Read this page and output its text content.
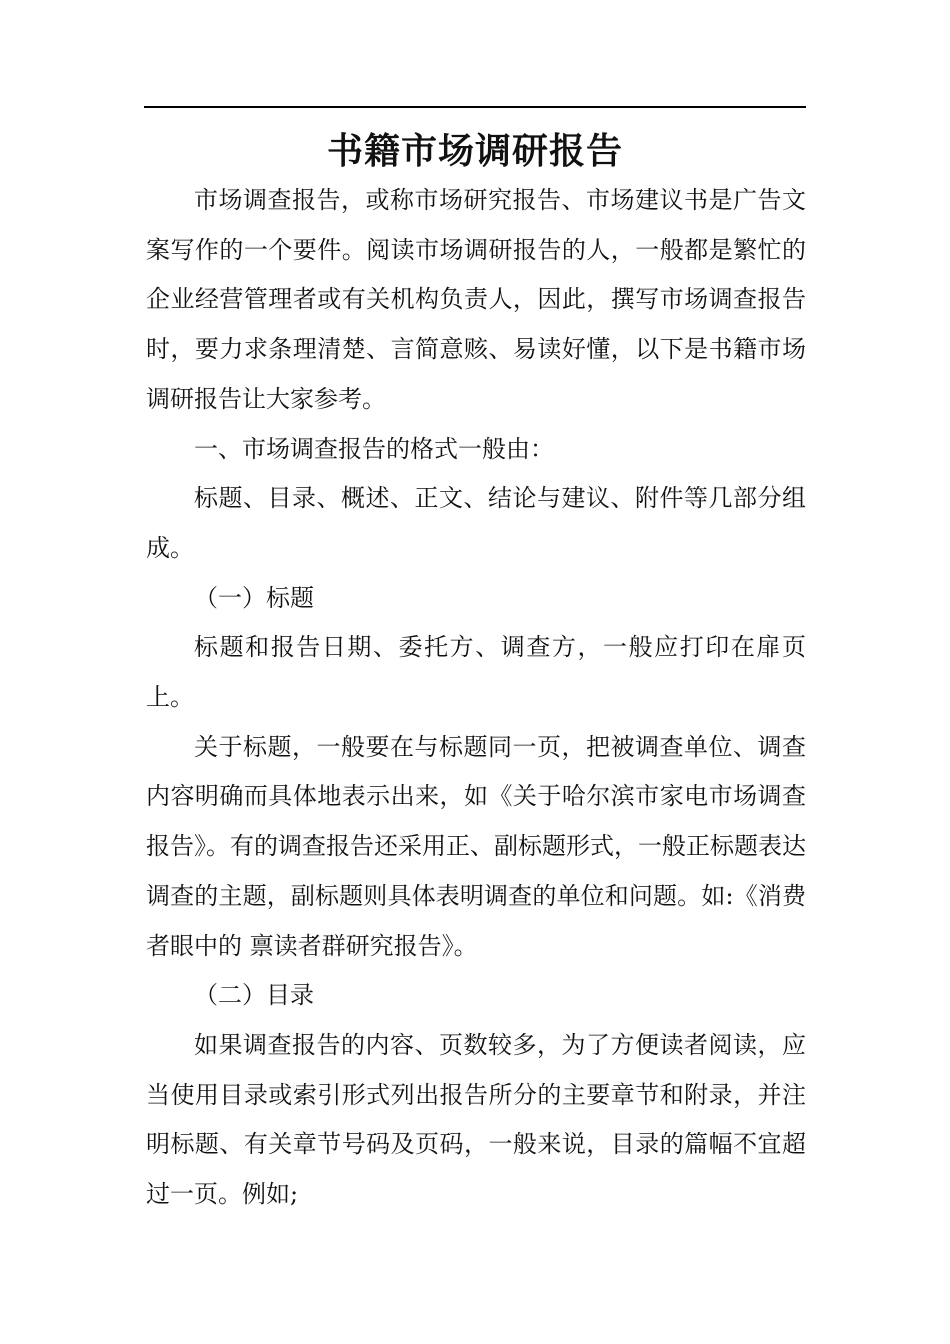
书籍市场调研报告

市场调查报告，或称市场研究报告、市场建议书是广告文案写作的一个要件。阅读市场调研报告的人，一般都是繁忙的企业经营管理者或有关机构负责人，因此，撰写市场调查报告时，要力求条理清楚、言简意赅、易读好懂，以下是书籍市场调研报告让大家参考。

一、市场调查报告的格式一般由：

标题、目录、概述、正文、结论与建议、附件等几部分组成。

（一）标题

标题和报告日期、委托方、调查方，一般应打印在扉页上。

关于标题，一般要在与标题同一页，把被调查单位、调查内容明确而具体地表示出来，如《关于哈尔滨市家电市场调查报告》。有的调查报告还采用正、副标题形式，一般正标题表达调查的主题，副标题则具体表明调查的单位和问题。如:《消费者眼中的 禀读者群研究报告》。

（二）目录

如果调查报告的内容、页数较多，为了方便读者阅读，应当使用目录或索引形式列出报告所分的主要章节和附录，并注明标题、有关章节号码及页码，一般来说，目录的篇幅不宜超过一页。例如;
